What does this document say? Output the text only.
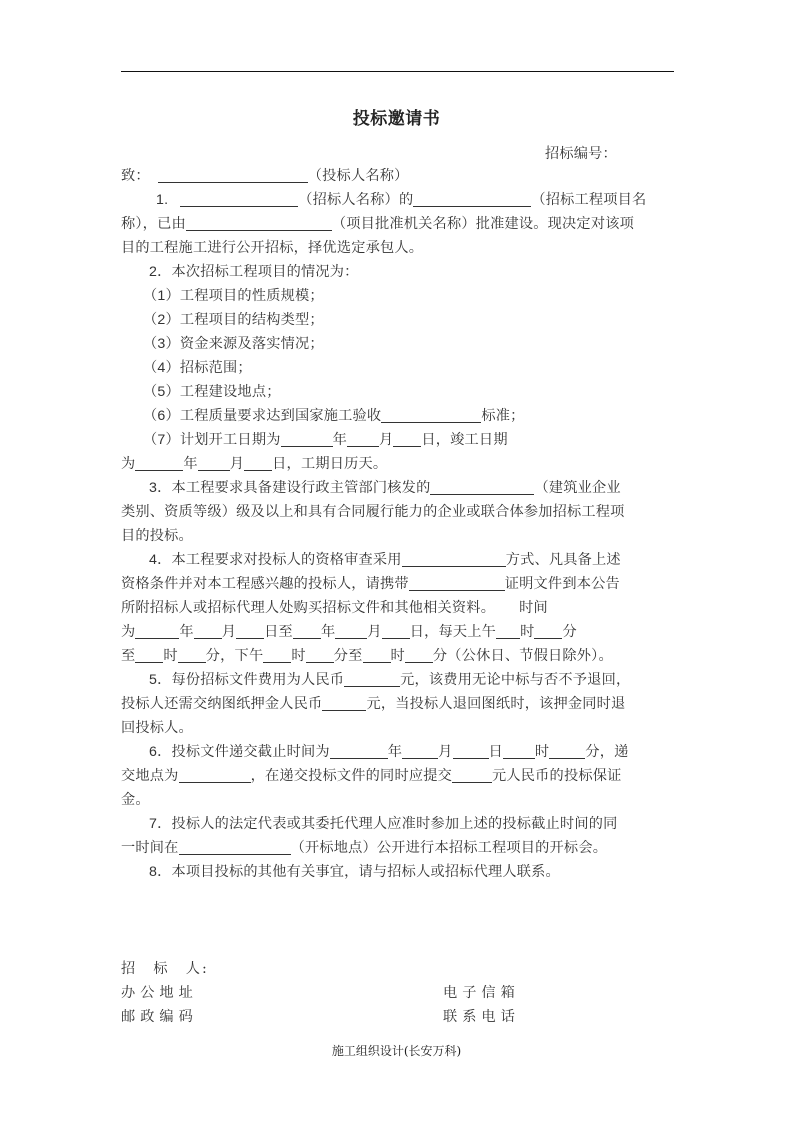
投标邀请书
招标编号：
致：	（投标人名称）
1.	（招标人名称）的	（招标工程项目名
称），已由	（项目批准机关名称）批准建设。现决定对该项
目的工程施工进行公开招标，择优选定承包人。
2．本次招标工程项目的情况为：
（1）工程项目的性质规模；
（2）工程项目的结构类型；
（3）资金来源及落实情况；
（4）招标范围；
（5）工程建设地点；
（6）工程质量要求达到国家施工验收	标准；
（7）计划开工日期为	年 月 日，竣工日期
为	年 月 日，工期日历天。
3．本工程要求具备建设行政主管部门核发的	（建筑业企业
类别、资质等级）级及以上和具有合同履行能力的企业或联合体参加招标工程项
目的投标。
4．本工程要求对投标人的资格审查采用	方式、凡具备上述
资格条件并对本工程感兴趣的投标人，请携带	证明文件到本公告
所附招标人或招标代理人处购买招标文件和其他相关资料。 时间
为	年 月 日至 年 月 日，每天上午 时 分
至 时 分，下午 时 分至 时 分（公休日、节假日除外）。
5．每份招标文件费用为人民币	元，该费用无论中标与否不予退回，
投标人还需交纳图纸押金人民币	元，当投标人退回图纸时，该押金同时退
回投标人。
6．投标文件递交截止时间为	年	月	日 时	分，递
交地点为	，在递交投标文件的同时应提交	元人民币的投标保证
金。
7．投标人的法定代表或其委托代理人应准时参加上述的投标截止时间的同
一时间在	（开标地点）公开进行本招标工程项目的开标会。
8．本项目投标的其他有关事宜，请与招标人或招标代理人联系。
招　标　人:
办公地址	电子信箱
邮政编码	联系电话
施工组织设计(长安万科)
